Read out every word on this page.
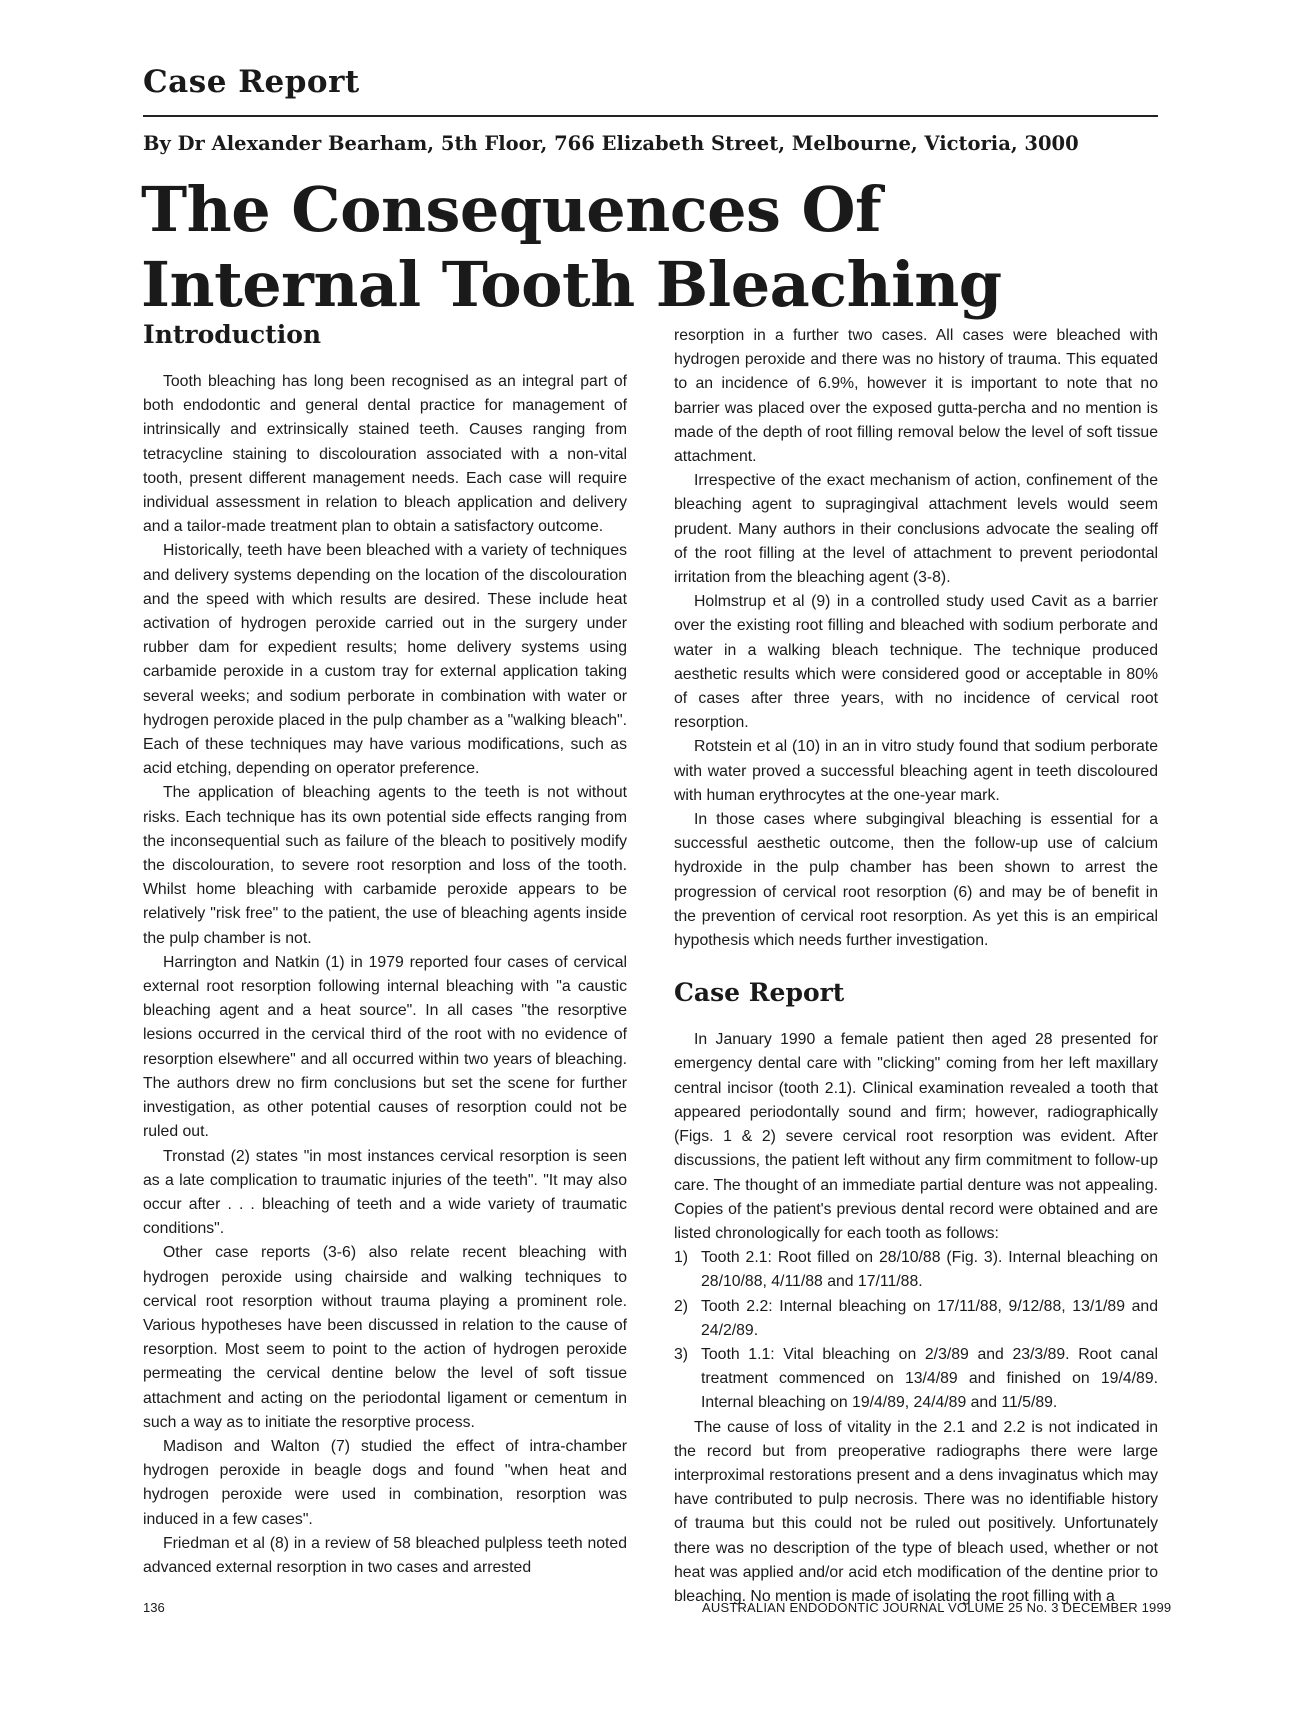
Case Report
By Dr Alexander Bearham, 5th Floor, 766 Elizabeth Street, Melbourne, Victoria, 3000
The Consequences Of Internal Tooth Bleaching
Introduction

Tooth bleaching has long been recognised as an integral part of both endodontic and general dental practice for management of intrinsically and extrinsically stained teeth. Causes ranging from tetracycline staining to discolouration associated with a non-vital tooth, present different management needs. Each case will require individual assessment in relation to bleach application and delivery and a tailor-made treatment plan to obtain a satisfactory outcome.

Historically, teeth have been bleached with a variety of techniques and delivery systems depending on the location of the discolouration and the speed with which results are desired. These include heat activation of hydrogen peroxide carried out in the surgery under rubber dam for expedient results; home delivery systems using carbamide peroxide in a custom tray for external application taking several weeks; and sodium perborate in combination with water or hydrogen peroxide placed in the pulp chamber as a "walking bleach". Each of these techniques may have various modifications, such as acid etching, depending on operator preference.

The application of bleaching agents to the teeth is not without risks. Each technique has its own potential side effects ranging from the inconsequential such as failure of the bleach to positively modify the discolouration, to severe root resorption and loss of the tooth. Whilst home bleaching with carbamide peroxide appears to be relatively "risk free" to the patient, the use of bleaching agents inside the pulp chamber is not.

Harrington and Natkin (1) in 1979 reported four cases of cervical external root resorption following internal bleaching with "a caustic bleaching agent and a heat source". In all cases "the resorptive lesions occurred in the cervical third of the root with no evidence of resorption elsewhere" and all occurred within two years of bleaching. The authors drew no firm conclusions but set the scene for further investigation, as other potential causes of resorption could not be ruled out.

Tronstad (2) states "in most instances cervical resorption is seen as a late complication to traumatic injuries of the teeth". "It may also occur after . . . bleaching of teeth and a wide variety of traumatic conditions".

Other case reports (3-6) also relate recent bleaching with hydrogen peroxide using chairside and walking techniques to cervical root resorption without trauma playing a prominent role. Various hypotheses have been discussed in relation to the cause of resorption. Most seem to point to the action of hydrogen peroxide permeating the cervical dentine below the level of soft tissue attachment and acting on the periodontal ligament or cementum in such a way as to initiate the resorptive process.

Madison and Walton (7) studied the effect of intra-chamber hydrogen peroxide in beagle dogs and found "when heat and hydrogen peroxide were used in combination, resorption was induced in a few cases".

Friedman et al (8) in a review of 58 bleached pulpless teeth noted advanced external resorption in two cases and arrested

resorption in a further two cases. All cases were bleached with hydrogen peroxide and there was no history of trauma. This equated to an incidence of 6.9%, however it is important to note that no barrier was placed over the exposed gutta-percha and no mention is made of the depth of root filling removal below the level of soft tissue attachment.

Irrespective of the exact mechanism of action, confinement of the bleaching agent to supragingival attachment levels would seem prudent. Many authors in their conclusions advocate the sealing off of the root filling at the level of attachment to prevent periodontal irritation from the bleaching agent (3-8).

Holmstrup et al (9) in a controlled study used Cavit as a barrier over the existing root filling and bleached with sodium perborate and water in a walking bleach technique. The technique produced aesthetic results which were considered good or acceptable in 80% of cases after three years, with no incidence of cervical root resorption.

Rotstein et al (10) in an in vitro study found that sodium perborate with water proved a successful bleaching agent in teeth discoloured with human erythrocytes at the one-year mark.

In those cases where subgingival bleaching is essential for a successful aesthetic outcome, then the follow-up use of calcium hydroxide in the pulp chamber has been shown to arrest the progression of cervical root resorption (6) and may be of benefit in the prevention of cervical root resorption. As yet this is an empirical hypothesis which needs further investigation.

Case Report

In January 1990 a female patient then aged 28 presented for emergency dental care with "clicking" coming from her left maxillary central incisor (tooth 2.1). Clinical examination revealed a tooth that appeared periodontally sound and firm; however, radiographically (Figs. 1 & 2) severe cervical root resorption was evident. After discussions, the patient left without any firm commitment to follow-up care. The thought of an immediate partial denture was not appealing. Copies of the patient's previous dental record were obtained and are listed chronologically for each tooth as follows:

1) Tooth 2.1: Root filled on 28/10/88 (Fig. 3). Internal bleaching on 28/10/88, 4/11/88 and 17/11/88.
2) Tooth 2.2: Internal bleaching on 17/11/88, 9/12/88, 13/1/89 and 24/2/89.
3) Tooth 1.1: Vital bleaching on 2/3/89 and 23/3/89. Root canal treatment commenced on 13/4/89 and finished on 19/4/89. Internal bleaching on 19/4/89, 24/4/89 and 11/5/89.

The cause of loss of vitality in the 2.1 and 2.2 is not indicated in the record but from preoperative radiographs there were large interproximal restorations present and a dens invaginatus which may have contributed to pulp necrosis. There was no identifiable history of trauma but this could not be ruled out positively. Unfortunately there was no description of the type of bleach used, whether or not heat was applied and/or acid etch modification of the dentine prior to bleaching. No mention is made of isolating the root filling with a

136	AUSTRALIAN ENDODONTIC JOURNAL VOLUME 25 No. 3 DECEMBER 1999
